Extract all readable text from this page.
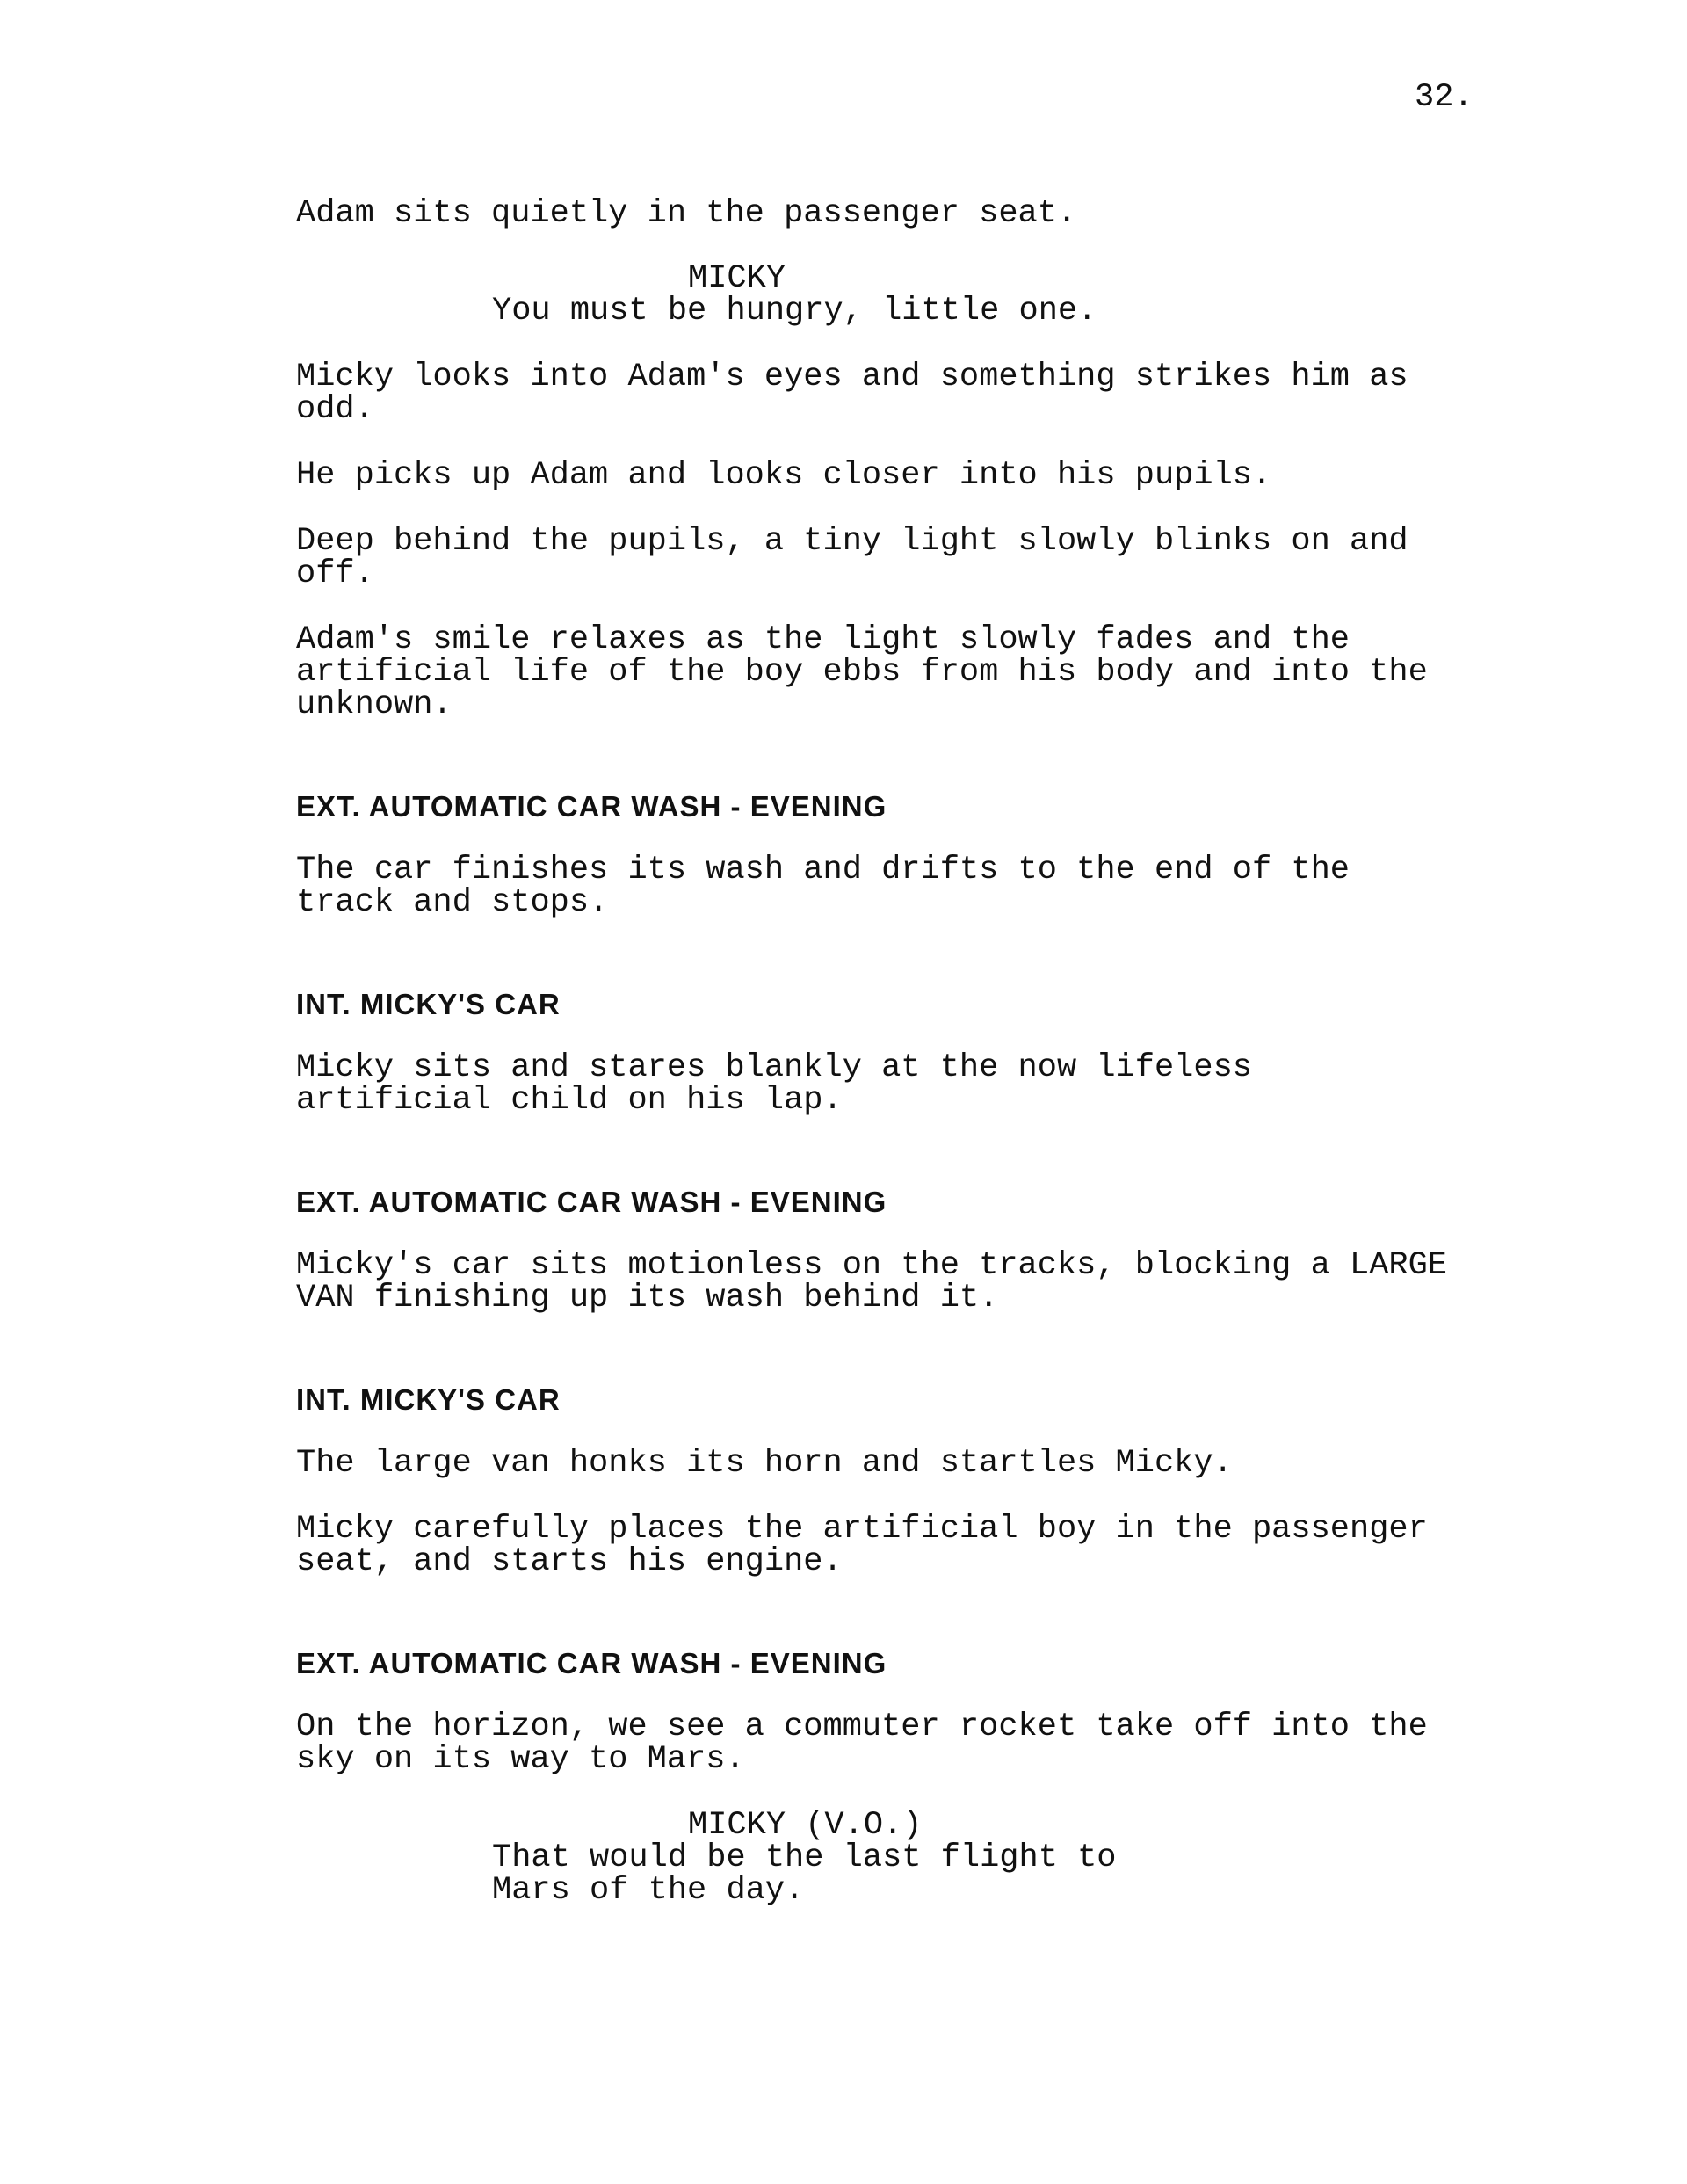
32.

Adam sits quietly in the passenger seat.

MICKY

You must be hungry, little one.

Micky looks into Adam's eyes and something strikes him as

odd.

He picks up Adam and looks closer into his pupils.

Deep behind the pupils, a tiny light slowly blinks on and

off.

Adam's smile relaxes as the light slowly fades and the

artificial life of the boy ebbs from his body and into the

unknown.

EXT. AUTOMATIC CAR WASH - EVENING

The car finishes its wash and drifts to the end of the

track and stops.

INT. MICKY'S CAR

Micky sits and stares blankly at the now lifeless

artificial child on his lap.

EXT. AUTOMATIC CAR WASH - EVENING

Micky's car sits motionless on the tracks, blocking a LARGE

VAN finishing up its wash behind it.

INT. MICKY'S CAR

The large van honks its horn and startles Micky.

Micky carefully places the artificial boy in the passenger

seat, and starts his engine.

EXT. AUTOMATIC CAR WASH - EVENING

On the horizon, we see a commuter rocket take off into the

sky on its way to Mars.

MICKY (V.O.)

That would be the last flight to

Mars of the day.
